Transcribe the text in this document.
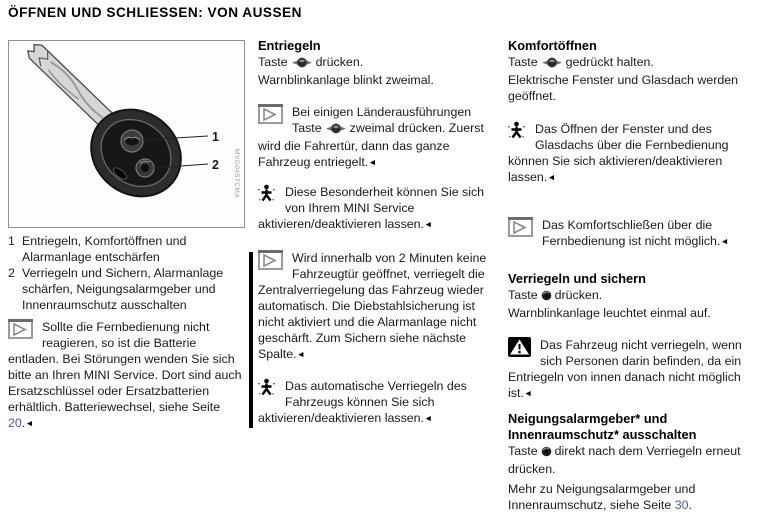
ÖFFNEN UND SCHLIESSEN: VON AUSSEN
1
2	MVD0457CMA
1 Entriegeln, Komfortöffnen und Alarmanlage entschärfen
2 Verriegeln und Sichern, Alarmanlage schärfen, Neigungsalarmgeber und Innenraumschutz ausschalten

Sollte die Fernbedienung nicht reagieren, so ist die Batterie entladen. Bei Störungen wenden Sie sich bitte an Ihren MINI Service. Dort sind auch Ersatzschlüssel oder Ersatzbatterien erhältlich. Batteriewechsel, siehe Seite 20.◄

Entriegeln

Taste drücken.

Warnblinkanlage blinkt zweimal.

Bei einigen Länderausführungen Taste zweimal drücken. Zuerst wird die Fahrertür, dann das ganze Fahrzeug entriegelt.◄

Diese Besonderheit können Sie sich von Ihrem MINI Service aktivieren/deaktivieren lassen.◄

Wird innerhalb von 2 Minuten keine Fahrzeugtür geöffnet, verriegelt die Zentralverriegelung das Fahrzeug wieder automatisch. Die Diebstahlsicherung ist nicht aktiviert und die Alarmanlage nicht geschärft. Zum Sichern siehe nächste Spalte.◄

Das automatische Verriegeln des Fahrzeugs können Sie sich aktivieren/deaktivieren lassen.◄

Komfortöffnen

Taste gedrückt halten.

Elektrische Fenster und Glasdach werden geöffnet.

Das Öffnen der Fenster und des Glasdachs über die Fernbedienung können Sie sich aktivieren/deaktivieren lassen.◄

Das Komfortschließen über die Fernbedienung ist nicht möglich.◄

Verriegeln und sichern

Taste drücken.

Warnblinkanlage leuchtet einmal auf.

Das Fahrzeug nicht verriegeln, wenn sich Personen darin befinden, da ein Entriegeln von innen danach nicht möglich ist.◄

Neigungsalarmgeber* und Innenraumschutz* ausschalten

Taste direkt nach dem Verriegeln erneut drücken.

Mehr zu Neigungsalarmgeber und Innenraumschutz, siehe Seite 30.
